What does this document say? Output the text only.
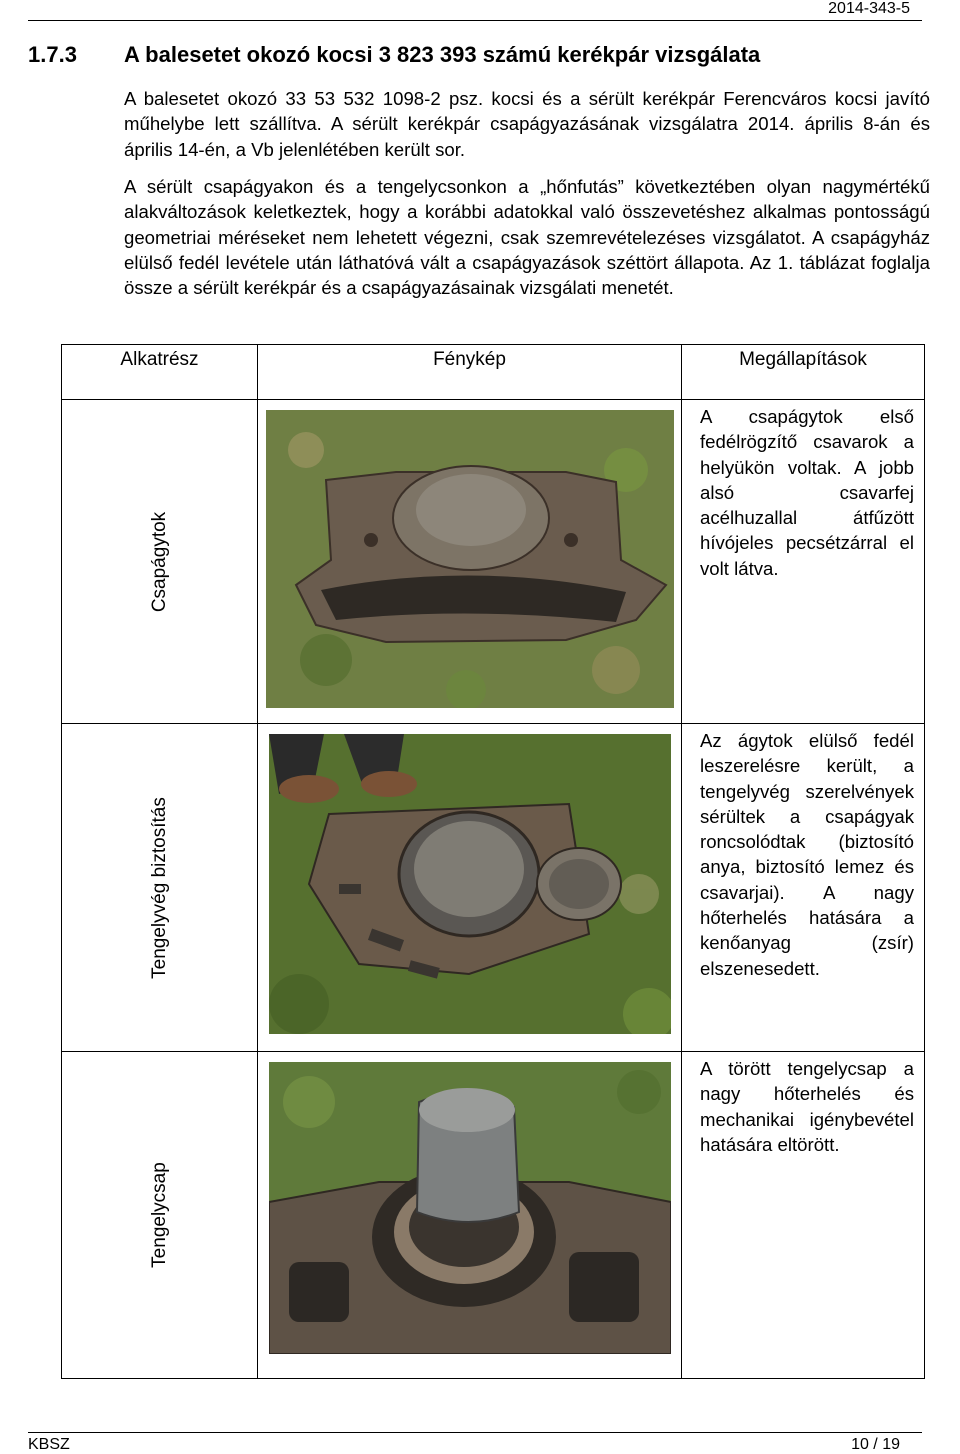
2014-343-5
1.7.3 A balesetet okozó kocsi 3 823 393 számú kerékpár vizsgálata

A balesetet okozó 33 53 532 1098-2 psz. kocsi és a sérült kerékpár Ferencváros kocsi javító műhelybe lett szállítva. A sérült kerékpár csapágyazásának vizsgálatra 2014. április 8-án és április 14-én, a Vb jelenlétében került sor.

A sérült csapágyakon és a tengelycsonkon a „hőnfutás” következtében olyan nagymértékű alakváltozások keletkeztek, hogy a korábbi adatokkal való összevetéshez alkalmas pontosságú geometriai méréseket nem lehetett végezni, csak szemrevételezéses vizsgálatot. A csapágyház elülső fedél levétele után láthatóvá vált a csapágyazások széttört állapota. Az 1. táblázat foglalja össze a sérült kerékpár és a csapágyazásainak vizsgálati menetét.

Alkatrész	Fénykép	Megállapítások

Csapágytok		A csapágytok első fedélrögzítő csavarok a helyükön voltak. A jobb alsó csavarfej acélhuzallal átfűzött hívójeles pecsétzárral el volt látva.

Tengelyvég biztosítás		Az ágytok elülső fedél leszerelésre került, a tengelyvég szerelvények sérültek a csapágyak roncsolódtak (biztosító anya, biztosító lemez és csavarjai). A nagy hőterhelés hatására a kenőanyag (zsír) elszenesedett.

Tengelycsap		A törött tengelycsap a nagy hőterhelés és mechanikai igénybevétel hatására eltörött.
KBSZ	10 / 19
